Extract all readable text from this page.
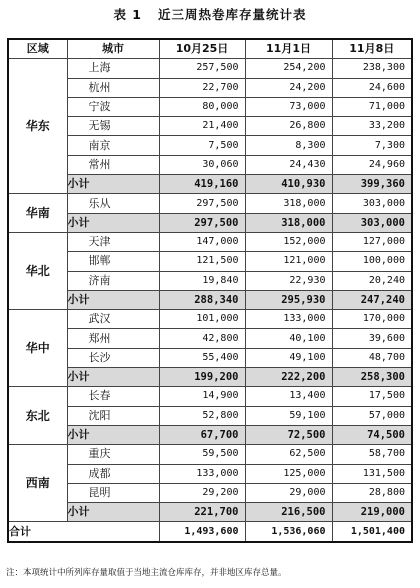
表 1   近三周热卷库存量统计表
区域	城市	10月25日	11月1日	11月8日
华东	上海	257,500	254,200	238,300
	杭州	22,700	24,200	24,600
	宁波	80,000	73,000	71,000
	无锡	21,400	26,800	33,200
	南京	7,500	8,300	7,300
	常州	30,060	24,430	24,960
	小计	419,160	410,930	399,360
华南	乐从	297,500	318,000	303,000
	小计	297,500	318,000	303,000
华北	天津	147,000	152,000	127,000
	邯郸	121,500	121,000	100,000
	济南	19,840	22,930	20,240
	小计	288,340	295,930	247,240
华中	武汉	101,000	133,000	170,000
	郑州	42,800	40,100	39,600
	长沙	55,400	49,100	48,700
	小计	199,200	222,200	258,300
东北	长春	14,900	13,400	17,500
	沈阳	52,800	59,100	57,000
	小计	67,700	72,500	74,500
西南	重庆	59,500	62,500	58,700
	成都	133,000	125,000	131,500
	昆明	29,200	29,000	28,800
	小计	221,700	216,500	219,000
合计		1,493,600	1,536,060	1,501,400
注：本项统计中所列库存量取值于当地主流仓库库存，并非地区库存总量。
